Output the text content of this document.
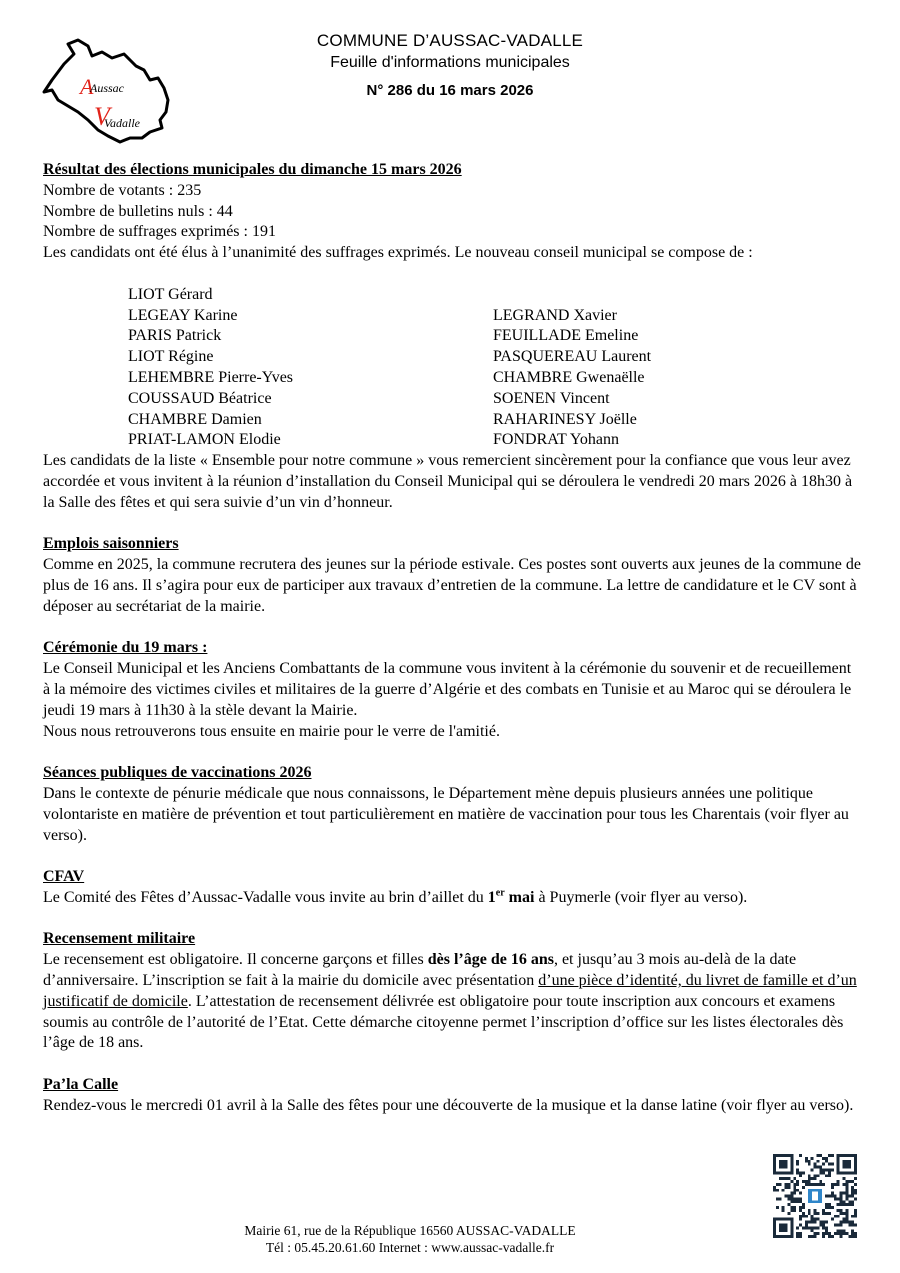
A
V
Aussac
Vadalle
COMMUNE D’AUSSAC-VADALLE
Feuille d'informations municipales
N° 286 du 16 mars 2026

Résultat des élections municipales du dimanche 15 mars 2026

Nombre de votants : 235

Nombre de bulletins nuls : 44

Nombre de suffrages exprimés : 191

Les candidats ont été élus à l’unanimité des suffrages exprimés. Le nouveau conseil municipal se compose de :

LIOT Gérard

LEGEAY Karine

PARIS Patrick

LIOT Régine

LEHEMBRE Pierre-Yves

COUSSAUD Béatrice

CHAMBRE Damien

PRIAT-LAMON Elodie

LEGRAND Xavier

FEUILLADE Emeline

PASQUEREAU Laurent

CHAMBRE Gwenaëlle

SOENEN Vincent

RAHARINESY Joëlle

FONDRAT Yohann

Les candidats de la liste « Ensemble pour notre commune » vous remercient sincèrement pour la confiance que vous leur avez accordée et vous invitent à la réunion d’installation du Conseil Municipal qui se déroulera le vendredi 20 mars 2026 à 18h30 à la Salle des fêtes et qui sera suivie d’un vin d’honneur.

Emplois saisonniers

Comme en 2025, la commune recrutera des jeunes sur la période estivale. Ces postes sont ouverts aux jeunes de la commune de plus de 16 ans. Il s’agira pour eux de participer aux travaux d’entretien de la commune. La lettre de candidature et le CV sont à déposer au secrétariat de la mairie.

Cérémonie du 19 mars :

Le Conseil Municipal et les Anciens Combattants de la commune vous invitent à la cérémonie du souvenir et de recueillement à la mémoire des victimes civiles et militaires de la guerre d’Algérie et des combats en Tunisie et au Maroc qui se déroulera le jeudi 19 mars à 11h30 à la stèle devant la Mairie.

Nous nous retrouverons tous ensuite en mairie pour le verre de l'amitié.

Séances publiques de vaccinations 2026

Dans le contexte de pénurie médicale que nous connaissons, le Département mène depuis plusieurs années une politique volontariste en matière de prévention et tout particulièrement en matière de vaccination pour tous les Charentais (voir flyer au verso).

CFAV

Le Comité des Fêtes d’Aussac-Vadalle vous invite au brin d’aillet du 1er mai à Puymerle (voir flyer au verso).

Recensement militaire

Le recensement est obligatoire. Il concerne garçons et filles dès l’âge de 16 ans, et jusqu’au 3 mois au-delà de la date d’anniversaire. L’inscription se fait à la mairie du domicile avec présentation d’une pièce d’identité, du livret de famille et d’un justificatif de domicile. L’attestation de recensement délivrée est obligatoire pour toute inscription aux concours et examens soumis au contrôle de l’autorité de l’Etat. Cette démarche citoyenne permet l’inscription d’office sur les listes électorales dès l’âge de 18 ans.

Pa’la Calle

Rendez-vous le mercredi 01 avril à la Salle des fêtes pour une découverte de la musique et la danse latine (voir flyer au verso).

Mairie 61, rue de la République 16560 AUSSAC-VADALLE
Tél : 05.45.20.61.60 Internet : www.aussac-vadalle.fr
